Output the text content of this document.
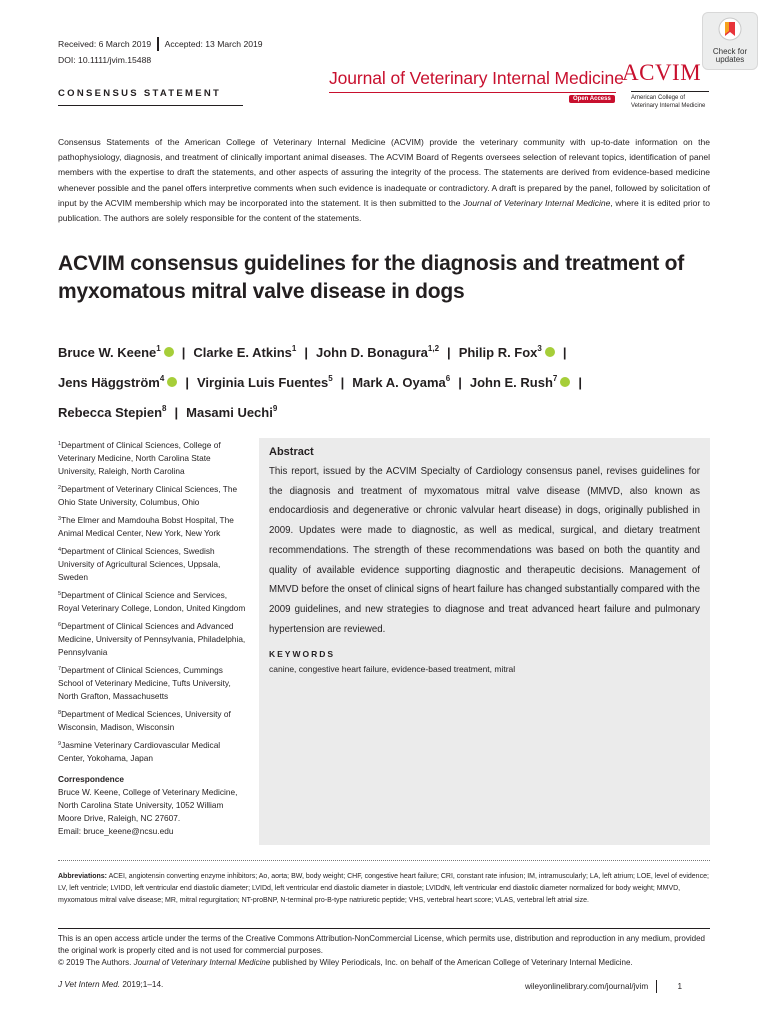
Received: 6 March 2019 Accepted: 13 March 2019
DOI: 10.1111/jvim.15488
CONSENSUS STATEMENT
Journal of Veterinary Internal Medicine
Open Access
ACVIM
American College of
Veterinary Internal Medicine
Check for
updates
Consensus Statements of the American College of Veterinary Internal Medicine (ACVIM) provide the veterinary community with up-to-date information on the pathophysiology, diagnosis, and treatment of clinically important animal diseases. The ACVIM Board of Regents oversees selection of relevant topics, identification of panel members with the expertise to draft the statements, and other aspects of assuring the integrity of the process. The statements are derived from evidence-based medicine whenever possible and the panel offers interpretive comments when such evidence is inadequate or contradictory. A draft is prepared by the panel, followed by solicitation of input by the ACVIM membership which may be incorporated into the statement. It is then submitted to the Journal of Veterinary Internal Medicine, where it is edited prior to publication. The authors are solely responsible for the content of the statements.
ACVIM consensus guidelines for the diagnosis and treatment of myxomatous mitral valve disease in dogs
Bruce W. Keene$^1$ iD | Clarke E. Atkins$^1$ | John D. Bonagura$^{1,2}$ | Philip R. Fox$^3$ iD |
Jens Häggström$^4$ iD | Virginia Luis Fuentes$^5$ | Mark A. Oyama$^6$ | John E. Rush$^7$ iD |
Rebecca Stepien$^8$ | Masami Uechi$^9$
$^1$Department of Clinical Sciences, College of Veterinary Medicine, North Carolina State University, Raleigh, North Carolina
$^2$Department of Veterinary Clinical Sciences, The Ohio State University, Columbus, Ohio
$^3$The Elmer and Mamdouha Bobst Hospital, The Animal Medical Center, New York, New York
$^4$Department of Clinical Sciences, Swedish University of Agricultural Sciences, Uppsala, Sweden
$^5$Department of Clinical Science and Services, Royal Veterinary College, London, United Kingdom
$^6$Department of Clinical Sciences and Advanced Medicine, University of Pennsylvania, Philadelphia, Pennsylvania
$^7$Department of Clinical Sciences, Cummings School of Veterinary Medicine, Tufts University, North Grafton, Massachusetts
$^8$Department of Medical Sciences, University of Wisconsin, Madison, Wisconsin
$^9$Jasmine Veterinary Cardiovascular Medical Center, Yokohama, Japan
Correspondence
Bruce W. Keene, College of Veterinary Medicine, North Carolina State University, 1052 William Moore Drive, Raleigh, NC 27607.
Email: bruce_keene@ncsu.edu
Abstract
This report, issued by the ACVIM Specialty of Cardiology consensus panel, revises guidelines for the diagnosis and treatment of myxomatous mitral valve disease (MMVD, also known as endocardiosis and degenerative or chronic valvular heart disease) in dogs, originally published in 2009. Updates were made to diagnostic, as well as medical, surgical, and dietary treatment recommendations. The strength of these recommendations was based on both the quantity and quality of available evidence supporting diagnostic and therapeutic decisions. Management of MMVD before the onset of clinical signs of heart failure has changed substantially compared with the 2009 guidelines, and new strategies to diagnose and treat advanced heart failure and pulmonary hypertension are reviewed.
KEYWORDS
canine, congestive heart failure, evidence-based treatment, mitral
Abbreviations: ACEI, angiotensin converting enzyme inhibitors; Ao, aorta; BW, body weight; CHF, congestive heart failure; CRI, constant rate infusion; IM, intramuscularly; LA, left atrium; LOE, level of evidence; LV, left ventricle; LVIDD, left ventricular end diastolic diameter; LVIDd, left ventricular end diastolic diameter in diastole; LVIDdN, left ventricular end diastolic diameter normalized for body weight; MMVD, myxomatous mitral valve disease; MR, mitral regurgitation; NT-proBNP, N-terminal pro-B-type natriuretic peptide; VHS, vertebral heart score; VLAS, vertebral left atrial size.
This is an open access article under the terms of the Creative Commons Attribution-NonCommercial License, which permits use, distribution and reproduction in any medium, provided the original work is properly cited and is not used for commercial purposes.
© 2019 The Authors. Journal of Veterinary Internal Medicine published by Wiley Periodicals, Inc. on behalf of the American College of Veterinary Internal Medicine.
J Vet Intern Med. 2019;1–14.	wileyonlinelibrary.com/journal/jvim	1
